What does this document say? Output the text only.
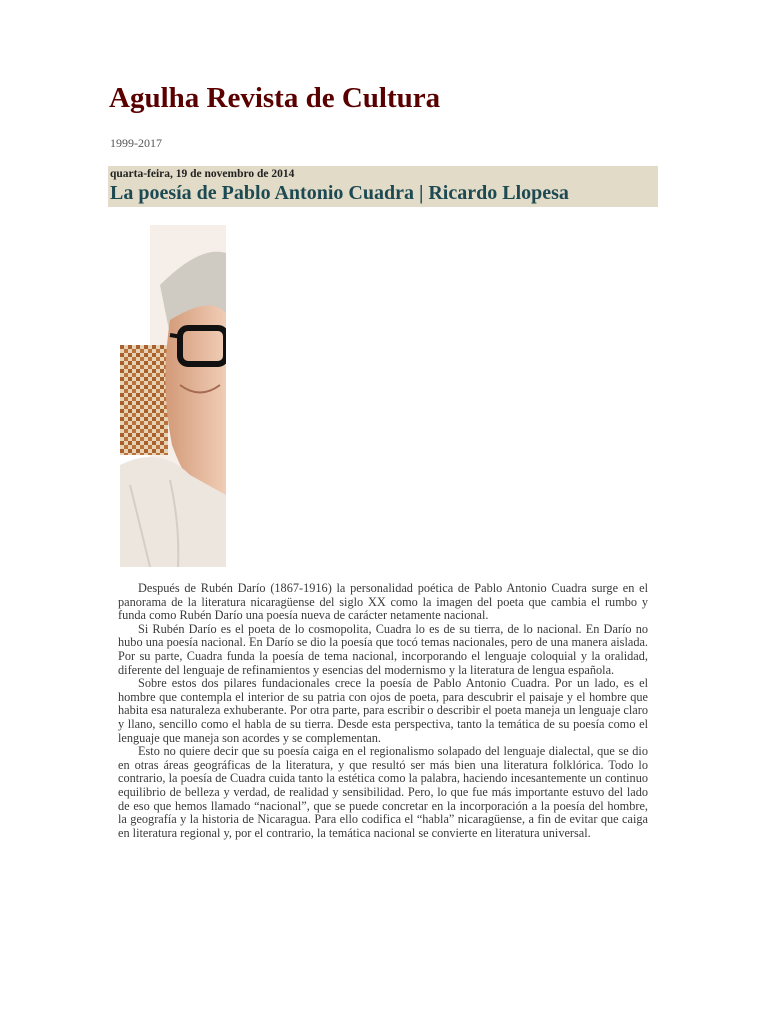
Agulha Revista de Cultura
1999-2017
quarta-feira, 19 de novembro de 2014
La poesía de Pablo Antonio Cuadra | Ricardo Llopesa

Después de Rubén Darío (1867-1916) la personalidad poética de Pablo Antonio Cuadra surge en el panorama de la literatura nicaragüense del siglo XX como la imagen del poeta que cambia el rumbo y funda como Rubén Darío una poesía nueva de carácter netamente nacional.

Si Rubén Darío es el poeta de lo cosmopolita, Cuadra lo es de su tierra, de lo nacional. En Darío no hubo una poesía nacional. En Darío se dio la poesía que tocó temas nacionales, pero de una manera aislada. Por su parte, Cuadra funda la poesía de tema nacional, incorporando el lenguaje coloquial y la oralidad, diferente del lenguaje de refinamientos y esencias del modernismo y la literatura de lengua española.

Sobre estos dos pilares fundacionales crece la poesía de Pablo Antonio Cuadra. Por un lado, es el hombre que contempla el interior de su patria con ojos de poeta, para descubrir el paisaje y el hombre que habita esa naturaleza exhuberante. Por otra parte, para escribir o describir el poeta maneja un lenguaje claro y llano, sencillo como el habla de su tierra. Desde esta perspectiva, tanto la temática de su poesía como el lenguaje que maneja son acordes y se complementan.

Esto no quiere decir que su poesía caiga en el regionalismo solapado del lenguaje dialectal, que se dio en otras áreas geográficas de la literatura, y que resultó ser más bien una literatura folklórica. Todo lo contrario, la poesía de Cuadra cuida tanto la estética como la palabra, haciendo incesantemente un continuo equilibrio de belleza y verdad, de realidad y sensibilidad. Pero, lo que fue más importante estuvo del lado de eso que hemos llamado “nacional”, que se puede concretar en la incorporación a la poesía del hombre, la geografía y la historia de Nicaragua. Para ello codifica el “habla” nicaragüense, a fin de evitar que caiga en literatura regional y, por el contrario, la temática nacional se convierte en literatura universal.
